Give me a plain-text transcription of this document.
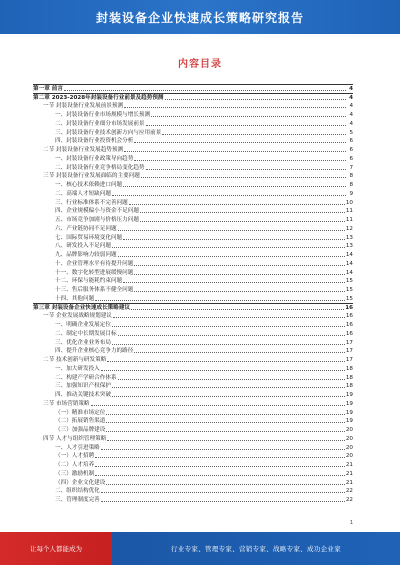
封装设备企业快速成长策略研究报告
内容目录
第一章 前言	4
第二章 2023-2028年封装设备行业前景及趋势预测	4
一节 封装设备行业发展前景预测	4
一、封装设备行业市场规模与增长预测	4
二、封装设备行业细分市场发展前景	4
三、封装设备行业技术创新方向与应用前景	5
四、封装设备行业投资机会分析	6
二节 封装设备行业发展趋势预测	6
一、封装设备行业政策导向趋势	6
二、封装设备行业竞争格局变化趋势	7
三节 封装设备行业发展面临的主要问题	8
一、核心技术依赖进口问题	8
二、高端人才短缺问题	9
三、行业标准体系不完善问题	10
四、企业规模偏小与资金不足问题	11
五、市场竞争加剧与价格压力问题	11
六、产业链协同不足问题	12
七、国际贸易环境变化问题	13
八、研发投入不足问题	13
九、品牌影响力较弱问题	14
十、企业管理水平有待提升问题	14
十一、数字化转型进展缓慢问题	14
十二、环保与能耗约束问题	15
十三、售后服务体系不健全问题	15
十四、其他问题	15
第三章 封装设备企业快速成长策略建议	16
一节 企业发展战略规划建议	16
一、明确企业发展定位	16
二、制定中长期发展目标	16
三、优化企业业务布局	17
四、提升企业核心竞争力的路径	17
二节 技术创新与研发策略	17
一、加大研发投入	18
二、构建产学研合作体系	18
三、加强知识产权保护	18
四、推动关键技术突破	19
三节 市场营销策略	19
（一）精准市场定位	19
（二）拓展销售渠道	19
（三）加强品牌建设	20
四节 人才与组织管理策略	20
一、人才引进策略	20
（一）人才招聘	20
（二）人才培养	21
（三）激励机制	21
（四）企业文化建设	21
二、组织结构优化	22
三、管理制度完善	22
1
让每个人都能成为	行业专家、管理专家、营销专家、战略专家、成功企业家
